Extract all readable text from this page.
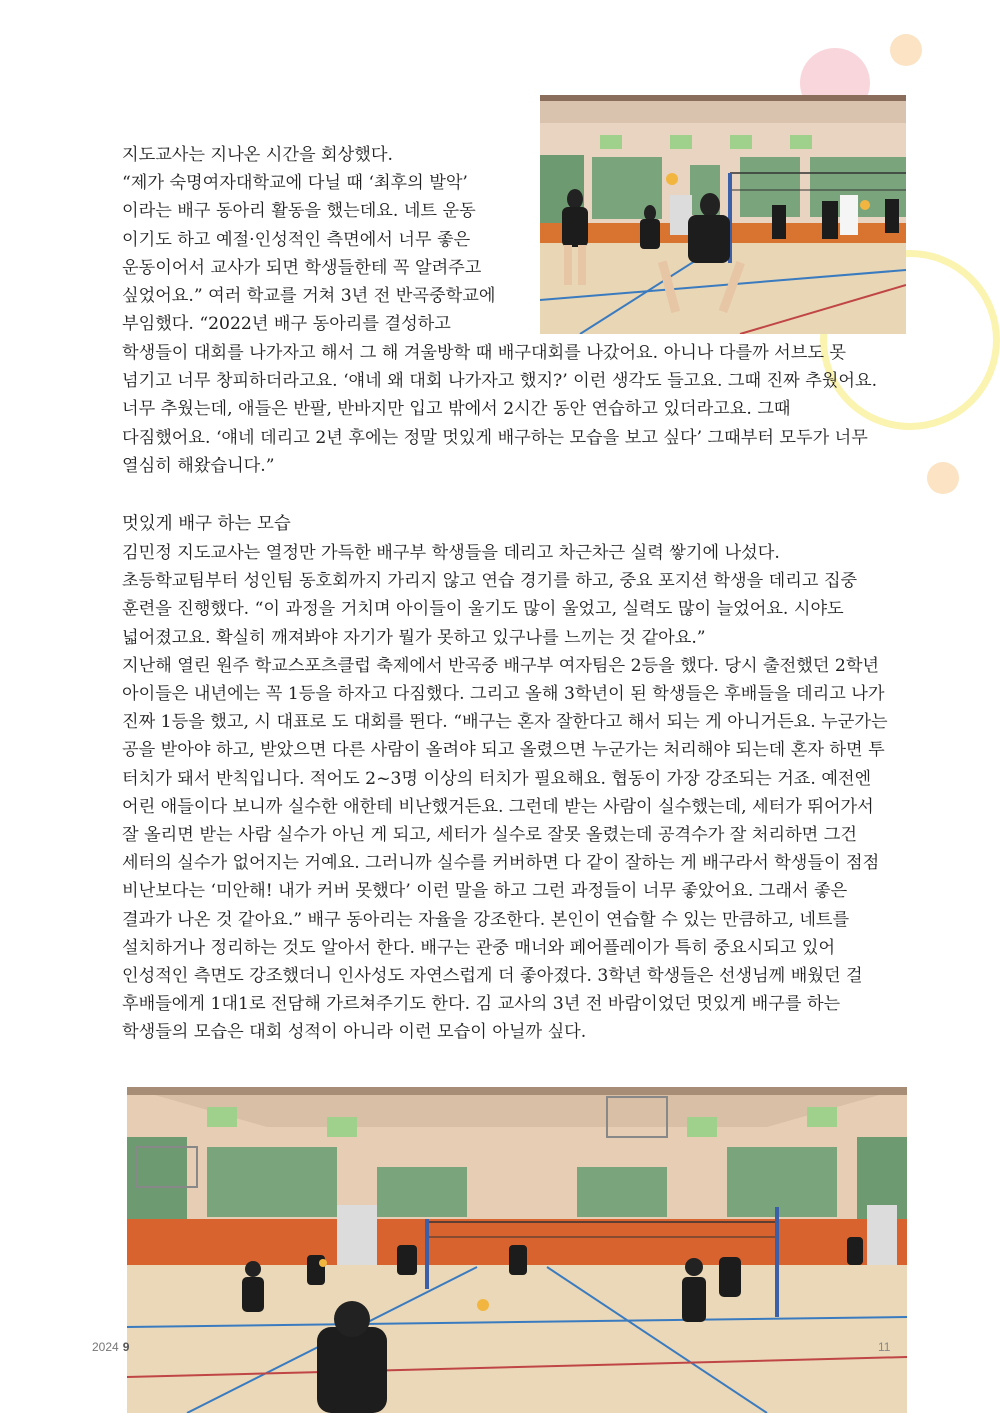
지도교사는 지나온 시간을 회상했다.
“제가 숙명여자대학교에 다닐 때 ‘최후의 발악’
이라는 배구 동아리 활동을 했는데요. 네트 운동
이기도 하고 예절·인성적인 측면에서 너무 좋은
운동이어서 교사가 되면 학생들한테 꼭 알려주고
싶었어요.” 여러 학교를 거쳐 3년 전 반곡중학교에
부임했다. “2022년 배구 동아리를 결성하고
학생들이 대회를 나가자고 해서 그 해 겨울방학 때 배구대회를 나갔어요. 아니나 다를까 서브도 못
넘기고 너무 창피하더라고요. ‘얘네 왜 대회 나가자고 했지?’ 이런 생각도 들고요. 그때 진짜 추웠어요.
너무 추웠는데, 애들은 반팔, 반바지만 입고 밖에서 2시간 동안 연습하고 있더라고요. 그때
다짐했어요. ‘얘네 데리고 2년 후에는 정말 멋있게 배구하는 모습을 보고 싶다’ 그때부터 모두가 너무
열심히 해왔습니다.”
멋있게 배구 하는 모습
김민정 지도교사는 열정만 가득한 배구부 학생들을 데리고 차근차근 실력 쌓기에 나섰다.
초등학교팀부터 성인팀 동호회까지 가리지 않고 연습 경기를 하고, 중요 포지션 학생을 데리고 집중
훈련을 진행했다. “이 과정을 거치며 아이들이 울기도 많이 울었고, 실력도 많이 늘었어요. 시야도
넓어졌고요. 확실히 깨져봐야 자기가 뭘가 못하고 있구나를 느끼는 것 같아요.”
지난해 열린 원주 학교스포츠클럽 축제에서 반곡중 배구부 여자팀은 2등을 했다. 당시 출전했던 2학년
아이들은 내년에는 꼭 1등을 하자고 다짐했다. 그리고 올해 3학년이 된 학생들은 후배들을 데리고 나가
진짜 1등을 했고, 시 대표로 도 대회를 뛴다. “배구는 혼자 잘한다고 해서 되는 게 아니거든요. 누군가는
공을 받아야 하고, 받았으면 다른 사람이 올려야 되고 올렸으면 누군가는 처리해야 되는데 혼자 하면 투
터치가 돼서 반칙입니다. 적어도 2~3명 이상의 터치가 필요해요. 협동이 가장 강조되는 거죠. 예전엔
어린 애들이다 보니까 실수한 애한테 비난했거든요. 그런데 받는 사람이 실수했는데, 세터가 뛰어가서
잘 올리면 받는 사람 실수가 아닌 게 되고, 세터가 실수로 잘못 올렸는데 공격수가 잘 처리하면 그건
세터의 실수가 없어지는 거예요. 그러니까 실수를 커버하면 다 같이 잘하는 게 배구라서 학생들이 점점
비난보다는 ‘미안해! 내가 커버 못했다’ 이런 말을 하고 그런 과정들이 너무 좋았어요. 그래서 좋은
결과가 나온 것 같아요.” 배구 동아리는 자율을 강조한다. 본인이 연습할 수 있는 만큼하고, 네트를
설치하거나 정리하는 것도 알아서 한다. 배구는 관중 매너와 페어플레이가 특히 중요시되고 있어
인성적인 측면도 강조했더니 인사성도 자연스럽게 더 좋아졌다. 3학년 학생들은 선생님께 배웠던 걸
후배들에게 1대1로 전담해 가르쳐주기도 한다. 김 교사의 3년 전 바람이었던 멋있게 배구를 하는
학생들의 모습은 대회 성적이 아니라 이런 모습이 아닐까 싶다.
2024 9	11
